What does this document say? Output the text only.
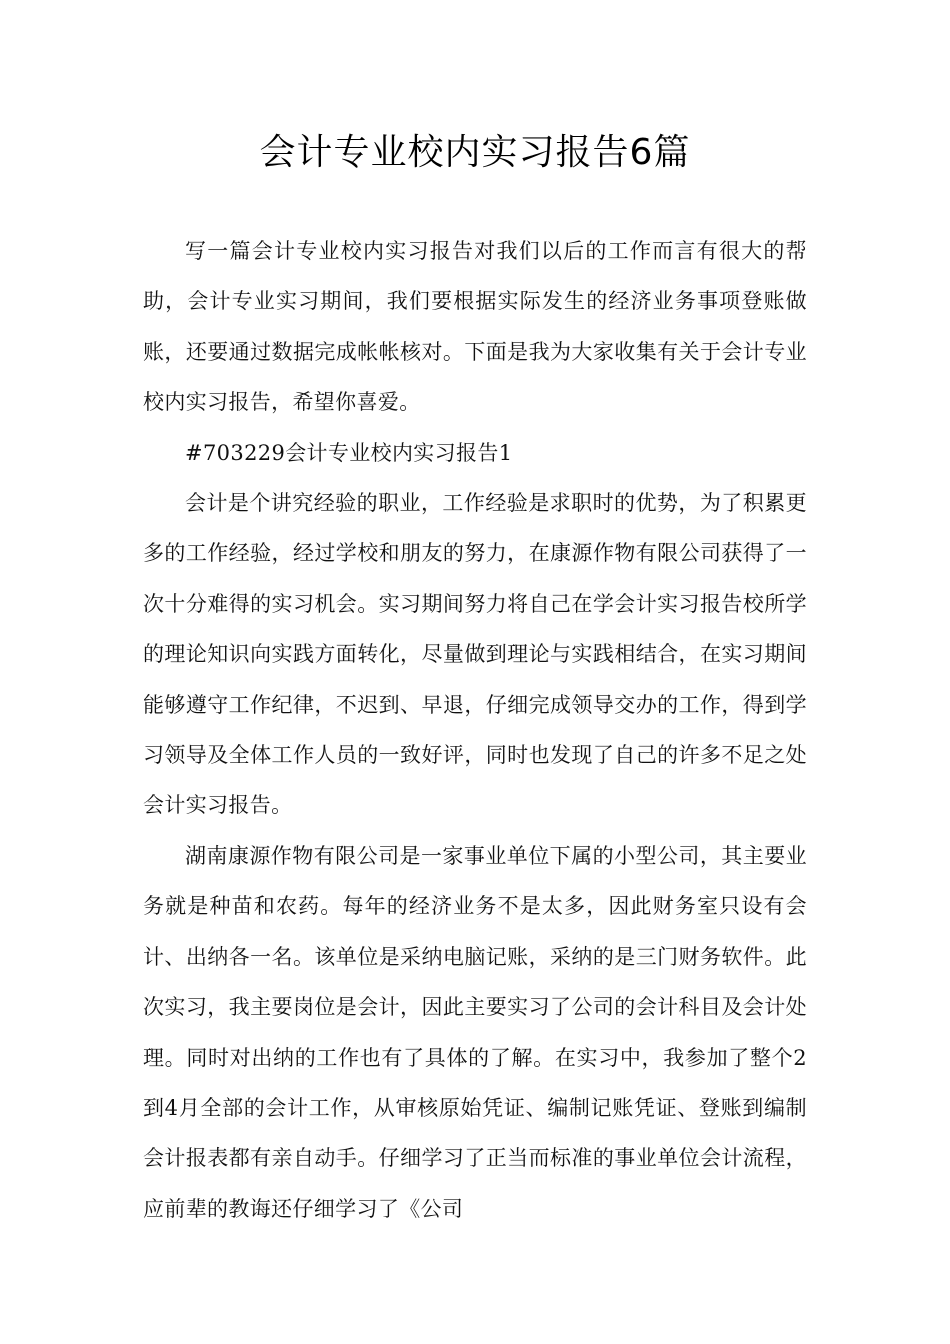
会计专业校内实习报告6篇

写一篇会计专业校内实习报告对我们以后的工作而言有很大的帮助，会计专业实习期间，我们要根据实际发生的经济业务事项登账做账，还要通过数据完成帐帐核对。下面是我为大家收集有关于会计专业校内实习报告，希望你喜爱。

#703229会计专业校内实习报告1

会计是个讲究经验的职业，工作经验是求职时的优势，为了积累更多的工作经验，经过学校和朋友的努力，在康源作物有限公司获得了一次十分难得的实习机会。实习期间努力将自己在学会计实习报告校所学的理论知识向实践方面转化，尽量做到理论与实践相结合，在实习期间能够遵守工作纪律，不迟到、早退，仔细完成领导交办的工作，得到学习领导及全体工作人员的一致好评，同时也发现了自己的许多不足之处会计实习报告。

湖南康源作物有限公司是一家事业单位下属的小型公司，其主要业务就是种苗和农药。每年的经济业务不是太多，因此财务室只设有会计、出纳各一名。该单位是采纳电脑记账，采纳的是三门财务软件。此次实习，我主要岗位是会计，因此主要实习了公司的会计科目及会计处理。同时对出纳的工作也有了具体的了解。在实习中，我参加了整个2到4月全部的会计工作，从审核原始凭证、编制记账凭证、登账到编制会计报表都有亲自动手。仔细学习了正当而标准的事业单位会计流程，应前辈的教诲还仔细学习了《公司
